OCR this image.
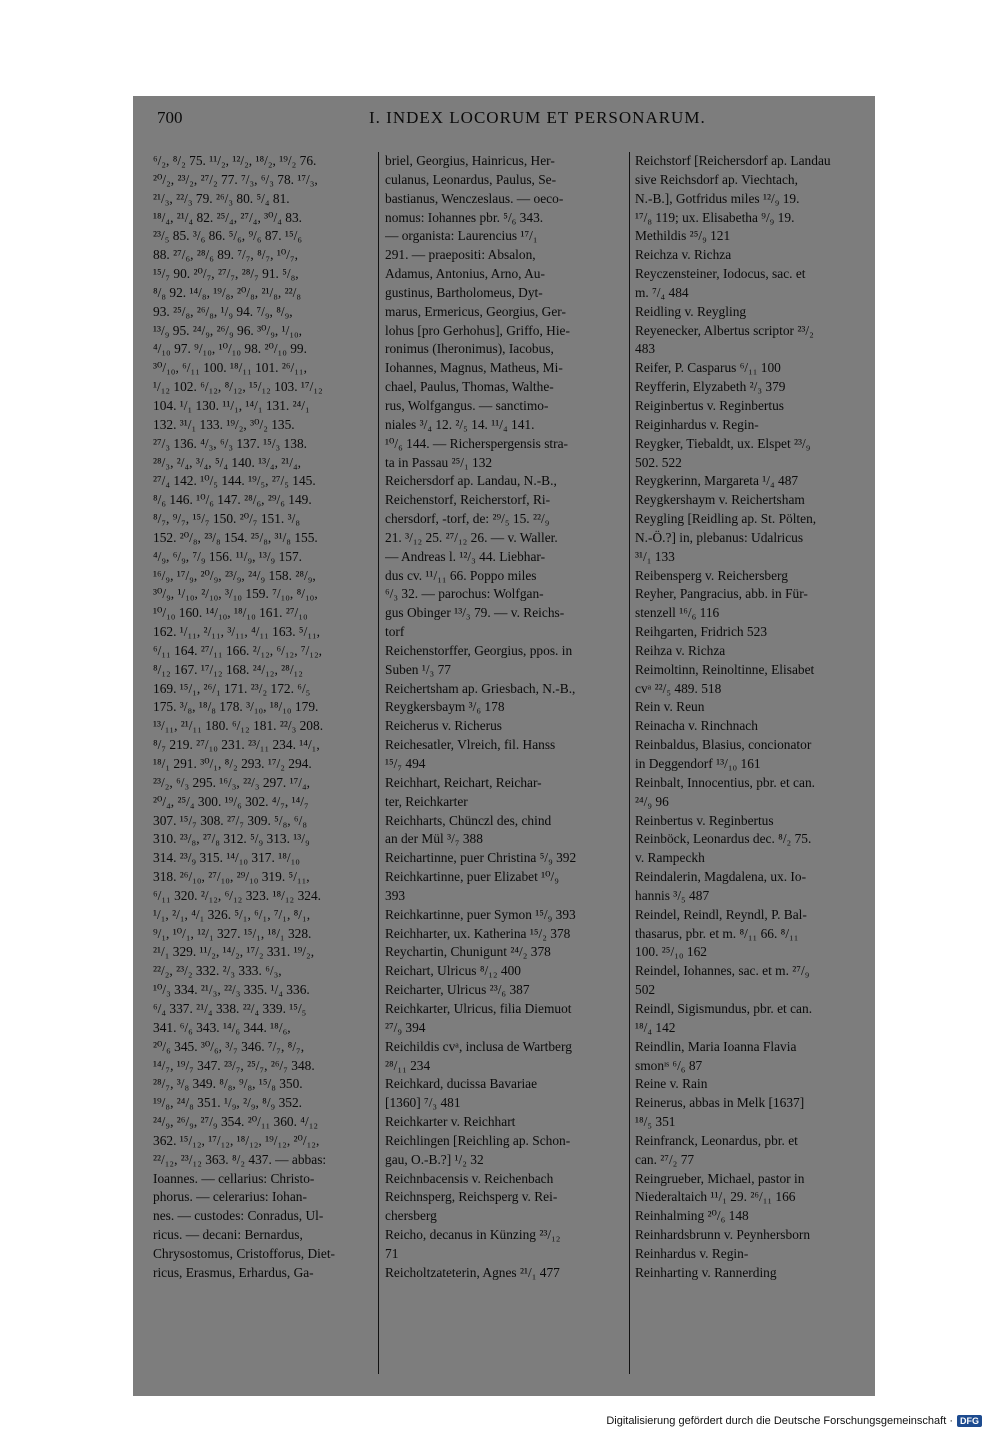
700	I. INDEX LOCORUM ET PERSONARUM.
⁶/₂, ⁸/₂ 75. ¹¹/₂, ¹²/₂, ¹⁸/₂, ¹⁹/₂ 76.
²⁰/₂, ²³/₂, ²⁷/₂ 77. ⁷/₃, ⁶/₃ 78. ¹⁷/₃,
²¹/₃, ²²/₃ 79. ²⁶/₃ 80. ⁵/₄ 81.
¹⁸/₄, ²¹/₄ 82. ²⁵/₄, ²⁷/₄, ³⁰/₄ 83.
²³/₅ 85. ³/₆ 86. ⁵/₆, ⁹/₆ 87. ¹⁵/₆
88. ²⁷/₆, ²⁸/₆ 89. ⁷/₇, ⁸/₇, ¹⁰/₇,
¹⁵/₇ 90. ²⁰/₇, ²⁷/₇, ²⁸/₇ 91. ⁵/₈,
⁸/₈ 92. ¹⁴/₈, ¹⁹/₈, ²⁰/₈, ²¹/₈, ²²/₈
93. ²⁵/₈, ²⁶/₈, ¹/₉ 94. ⁷/₉, ⁸/₉,
¹³/₉ 95. ²⁴/₉, ²⁶/₉ 96. ³⁰/₉, ¹/₁₀,
⁴/₁₀ 97. ⁹/₁₀, ¹⁰/₁₀ 98. ²⁰/₁₀ 99.
³⁰/₁₀, ⁶/₁₁ 100. ¹⁸/₁₁ 101. ²⁶/₁₁,
¹/₁₂ 102. ⁶/₁₂, ⁸/₁₂, ¹⁵/₁₂ 103. ¹⁷/₁₂
104. ¹/₁ 130. ¹¹/₁, ¹⁴/₁ 131. ²⁴/₁
132. ³¹/₁ 133. ¹⁹/₂, ³⁰/₂ 135.
²⁷/₃ 136. ⁴/₃, ⁶/₃ 137. ¹⁵/₃ 138.
²⁸/₃, ²/₄, ³/₄, ⁵/₄ 140. ¹³/₄, ²¹/₄,
²⁷/₄ 142. ¹⁰/₅ 144. ¹⁹/₅, ²⁷/₅ 145.
⁸/₆ 146. ¹⁰/₆ 147. ²⁸/₆, ²⁹/₆ 149.
⁸/₇, ⁹/₇, ¹⁵/₇ 150. ²⁰/₇ 151. ³/₈
152. ²⁰/₈, ²³/₈ 154. ²⁵/₈, ³¹/₈ 155.
⁴/₉, ⁶/₉, ⁷/₉ 156. ¹¹/₉, ¹³/₉ 157.
¹⁶/₉, ¹⁷/₉, ²⁰/₉, ²³/₉, ²⁴/₉ 158. ²⁸/₉,
³⁰/₉, ¹/₁₀, ²/₁₀, ³/₁₀ 159. ⁷/₁₀, ⁸/₁₀,
¹⁰/₁₀ 160. ¹⁴/₁₀, ¹⁸/₁₀ 161. ²⁷/₁₀
162. ¹/₁₁, ²/₁₁, ³/₁₁, ⁴/₁₁ 163. ⁵/₁₁,
⁶/₁₁ 164. ²⁷/₁₁ 166. ²/₁₂, ⁶/₁₂, ⁷/₁₂,
⁸/₁₂ 167. ¹⁷/₁₂ 168. ²⁴/₁₂, ²⁸/₁₂
169. ¹⁵/₁, ²⁶/₁ 171. ²³/₂ 172. ⁶/₅
175. ³/₈, ¹⁸/₈ 178. ³/₁₀, ¹⁸/₁₀ 179.
¹³/₁₁, ²¹/₁₁ 180. ⁶/₁₂ 181. ²²/₃ 208.
⁸/₇ 219. ²⁷/₁₀ 231. ²³/₁₁ 234. ¹⁴/₁,
¹⁸/₁ 291. ³⁰/₁, ⁸/₂ 293. ¹⁷/₂ 294.
²³/₂, ⁶/₃ 295. ¹⁶/₃, ²²/₃ 297. ¹⁷/₄,
²⁰/₄, ²⁵/₄ 300. ¹⁹/₆ 302. ⁴/₇, ¹⁴/₇
307. ¹⁵/₇ 308. ²⁷/₇ 309. ⁵/₈, ⁶/₈
310. ²³/₈, ²⁷/₈ 312. ⁵/₉ 313. ¹³/₉
314. ²³/₉ 315. ¹⁴/₁₀ 317. ¹⁸/₁₀
318. ²⁶/₁₀, ²⁷/₁₀, ²⁹/₁₀ 319. ⁵/₁₁,
⁶/₁₁ 320. ²/₁₂, ⁶/₁₂ 323. ¹⁸/₁₂ 324.
¹/₁, ²/₁, ⁴/₁ 326. ⁵/₁, ⁶/₁, ⁷/₁, ⁸/₁,
⁹/₁, ¹⁰/₁, ¹²/₁ 327. ¹⁵/₁, ¹⁸/₁ 328.
²¹/₁ 329. ¹¹/₂, ¹⁴/₂, ¹⁷/₂ 331. ¹⁹/₂,
²²/₂, ²³/₂ 332. ²/₃ 333. ⁶/₃,
¹⁰/₃ 334. ²¹/₃, ²²/₃ 335. ¹/₄ 336.
⁶/₄ 337. ²¹/₄ 338. ²²/₄ 339. ¹⁵/₅
341. ⁶/₆ 343. ¹⁴/₆ 344. ¹⁸/₆,
²⁰/₆ 345. ³⁰/₆, ³/₇ 346. ⁷/₇, ⁸/₇,
¹⁴/₇, ¹⁹/₇ 347. ²³/₇, ²⁵/₇, ²⁶/₇ 348.
²⁸/₇, ³/₈ 349. ⁸/₈, ⁹/₈, ¹⁵/₈ 350.
¹⁹/₈, ²⁴/₈ 351. ¹/₉, ²/₉, ⁸/₉ 352.
²⁴/₉, ²⁶/₉, ²⁷/₉ 354. ²⁰/₁₁ 360. ⁴/₁₂
362. ¹⁵/₁₂, ¹⁷/₁₂, ¹⁸/₁₂, ¹⁹/₁₂, ²⁰/₁₂,
²²/₁₂, ²³/₁₂ 363. ⁸/₂ 437. — abbas:
Ioannes. — cellarius: Christo-
phorus. — celerarius: Iohan-
nes. — custodes: Conradus, Ul-
ricus. — decani: Bernardus,
Chrysostomus, Cristofforus, Diet-
ricus, Erasmus, Erhardus, Ga-
briel, Georgius, Hainricus, Her-
culanus, Leonardus, Paulus, Se-
bastianus, Wenczeslaus. — oeco-
nomus: Iohannes pbr. ⁵/₆ 343.
— organista: Laurencius ¹⁷/₁
291. — praepositi: Absalon,
Adamus, Antonius, Arno, Au-
gustinus, Bartholomeus, Dyt-
marus, Ermericus, Georgius, Ger-
lohus [pro Gerhohus], Griffo, Hie-
ronimus (Iheronimus), Iacobus,
Iohannes, Magnus, Matheus, Mi-
chael, Paulus, Thomas, Walthe-
rus, Wolfgangus. — sanctimo-
niales ³/₄ 12. ²/₅ 14. ¹¹/₄ 141.
¹⁰/₆ 144. — Richerspergensis stra-
ta in Passau ²⁵/₁ 132
Reichersdorf ap. Landau, N.-B.,
Reichenstorf, Reicherstorf, Ri-
chersdorf, -torf, de: ²⁹/₅ 15. ²²/₉
21. ³/₁₂ 25. ²⁷/₁₂ 26. — v. Waller.
— Andreas l. ¹²/₃ 44. Liebhar-
dus cv. ¹¹/₁₁ 66. Poppo miles
⁶/₃ 32. — parochus: Wolfgan-
gus Obinger ¹³/₃ 79. — v. Reichs-
torf
Reichenstorffer, Georgius, ppos. in
Suben ¹/₃ 77
Reichertsham ap. Griesbach, N.-B.,
Reygkersbaym ³/₆ 178
Reicherus v. Richerus
Reichesatler, Vlreich, fil. Hanss
¹⁵/₇ 494
Reichhart, Reichart, Reichar-
ter, Reichkarter
Reichharts, Chünczl des, chind
an der Mül ³/₇ 388
Reichartinne, puer Christina ⁵/₉ 392
Reichkartinne, puer Elizabet ¹⁰/₉
393
Reichkartinne, puer Symon ¹⁵/₉ 393
Reichharter, ux. Katherina ¹⁵/₂ 378
Reychartin, Chunigunt ²⁴/₂ 378
Reichart, Ulricus ⁸/₁₂ 400
Reicharter, Ulricus ²³/₆ 387
Reichkarter, Ulricus, filia Diemuot
²⁷/₉ 394
Reichildis cvᵃ, inclusa de Wartberg
²⁸/₁₁ 234
Reichkard, ducissa Bavariae
[1360] ⁷/₃ 481
Reichkarter v. Reichhart
Reichlingen [Reichling ap. Schon-
gau, O.-B.?] ¹/₂ 32
Reichnbacensis v. Reichenbach
Reichnsperg, Reichsperg v. Rei-
chersberg
Reicho, decanus in Künzing ²³/₁₂
71
Reicholtzateterin, Agnes ²¹/₁ 477
Reichstorf [Reichersdorf ap. Landau
sive Reichsdorf ap. Viechtach,
N.-B.], Gotfridus miles ¹²/₉ 19.
¹⁷/₈ 119; ux. Elisabetha ⁹/₉ 19.
Methildis ²⁵/₉ 121
Reichza v. Richza
Reyczensteiner, Iodocus, sac. et
m. ⁷/₄ 484
Reidling v. Reygling
Reyenecker, Albertus scriptor ²³/₂
483
Reifer, P. Casparus ⁶/₁₁ 100
Reyfferin, Elyzabeth ²/₃ 379
Reiginbertus v. Reginbertus
Reiginhardus v. Regin-
Reygker, Tiebaldt, ux. Elspet ²³/₉
502. 522
Reygkerinn, Margareta ¹/₄ 487
Reygkershaym v. Reichertsham
Reygling [Reidling ap. St. Pölten,
N.-Ö.?] in, plebanus: Udalricus
³¹/₁ 133
Reibensperg v. Reichersberg
Reyher, Pangracius, abb. in Für-
stenzell ¹⁶/₆ 116
Reihgarten, Fridrich 523
Reihza v. Richza
Reimoltinn, Reinoltinne, Elisabet
cvᵃ ²²/₅ 489. 518
Rein v. Reun
Reinacha v. Rinchnach
Reinbaldus, Blasius, concionator
in Deggendorf ¹³/₁₀ 161
Reinbalt, Innocentius, pbr. et can.
²⁴/₉ 96
Reinbertus v. Reginbertus
Reinböck, Leonardus dec. ⁸/₂ 75.
v. Rampeckh
Reindalerin, Magdalena, ux. Io-
hannis ³/₅ 487
Reindel, Reindl, Reyndl, P. Bal-
thasarus, pbr. et m. ⁸/₁₁ 66. ⁸/₁₁
100. ²⁵/₁₀ 162
Reindel, Iohannes, sac. et m. ²⁷/₉
502
Reindl, Sigismundus, pbr. et can.
¹⁸/₄ 142
Reindlin, Maria Ioanna Flavia
smonᶦˢ ⁶/₆ 87
Reine v. Rain
Reinerus, abbas in Melk [1637]
¹⁸/₅ 351
Reinfranck, Leonardus, pbr. et
can. ²⁷/₂ 77
Reingrueber, Michael, pastor in
Niederaltaich ¹¹/₁ 29. ²⁶/₁₁ 166
Reinhalming ²⁰/₆ 148
Reinhardsbrunn v. Peynhersborn
Reinhardus v. Regin-
Reinharting v. Rannerding
Digitalisierung gefördert durch die Deutsche Forschungsgemeinschaft · DFG
